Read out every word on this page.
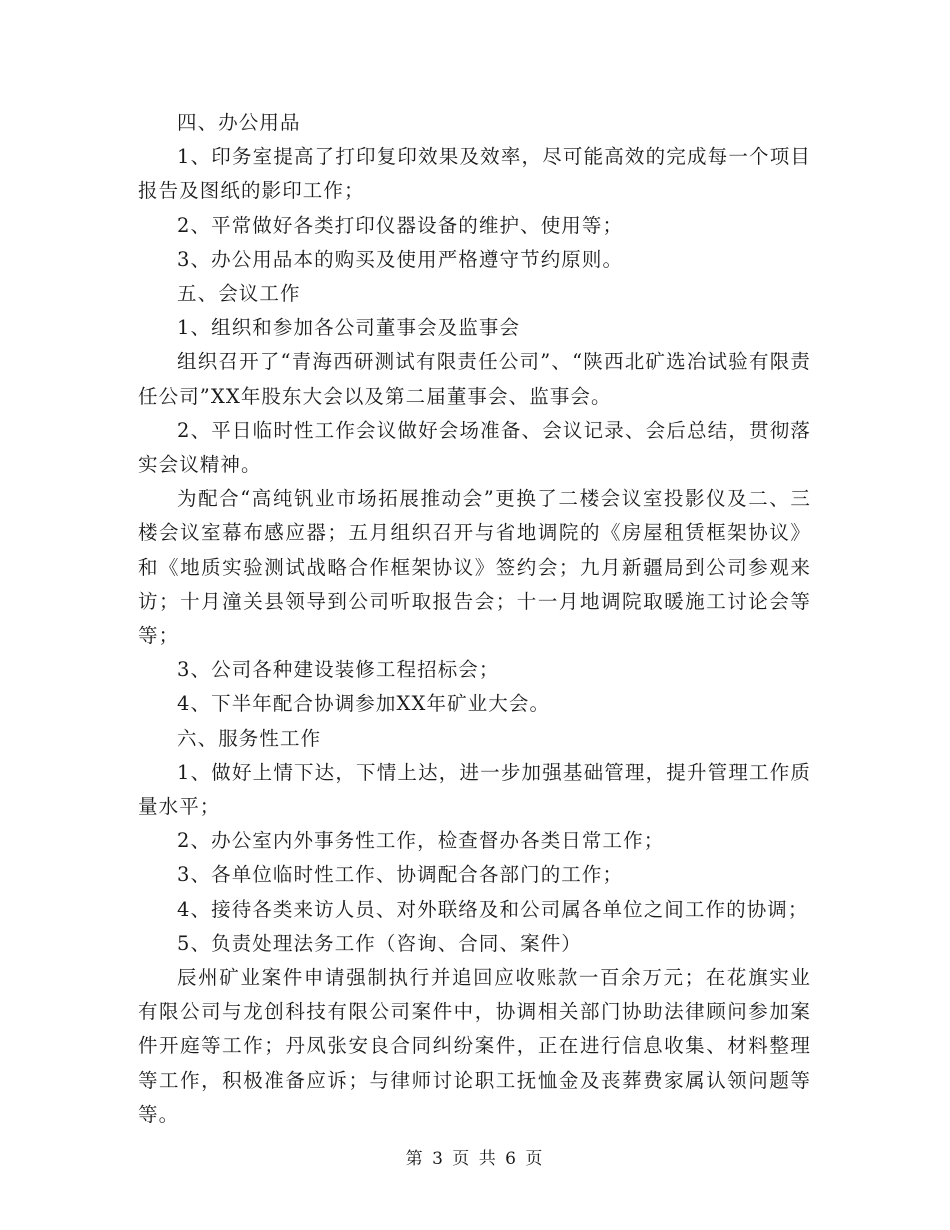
四、办公用品

1、印务室提高了打印复印效果及效率，尽可能高效的完成每一个项目报告及图纸的影印工作；

2、平常做好各类打印仪器设备的维护、使用等；

3、办公用品本的购买及使用严格遵守节约原则。

五、会议工作

1、组织和参加各公司董事会及监事会

组织召开了“青海西研测试有限责任公司”、“陕西北矿选冶试验有限责任公司”XX年股东大会以及第二届董事会、监事会。

2、平日临时性工作会议做好会场准备、会议记录、会后总结，贯彻落实会议精神。

为配合“高纯钒业市场拓展推动会”更换了二楼会议室投影仪及二、三楼会议室幕布感应器；五月组织召开与省地调院的《房屋租赁框架协议》和《地质实验测试战略合作框架协议》签约会；九月新疆局到公司参观来访；十月潼关县领导到公司听取报告会；十一月地调院取暖施工讨论会等等；

3、公司各种建设装修工程招标会；

4、下半年配合协调参加XX年矿业大会。

六、服务性工作

1、做好上情下达，下情上达，进一步加强基础管理，提升管理工作质量水平；

2、办公室内外事务性工作，检查督办各类日常工作；

3、各单位临时性工作、协调配合各部门的工作；

4、接待各类来访人员、对外联络及和公司属各单位之间工作的协调；

5、负责处理法务工作（咨询、合同、案件）

辰州矿业案件申请强制执行并追回应收账款一百余万元；在花旗实业有限公司与龙创科技有限公司案件中，协调相关部门协助法律顾问参加案件开庭等工作；丹凤张安良合同纠纷案件，正在进行信息收集、材料整理等工作，积极准备应诉；与律师讨论职工抚恤金及丧葬费家属认领问题等等。

第 3 页 共 6 页
